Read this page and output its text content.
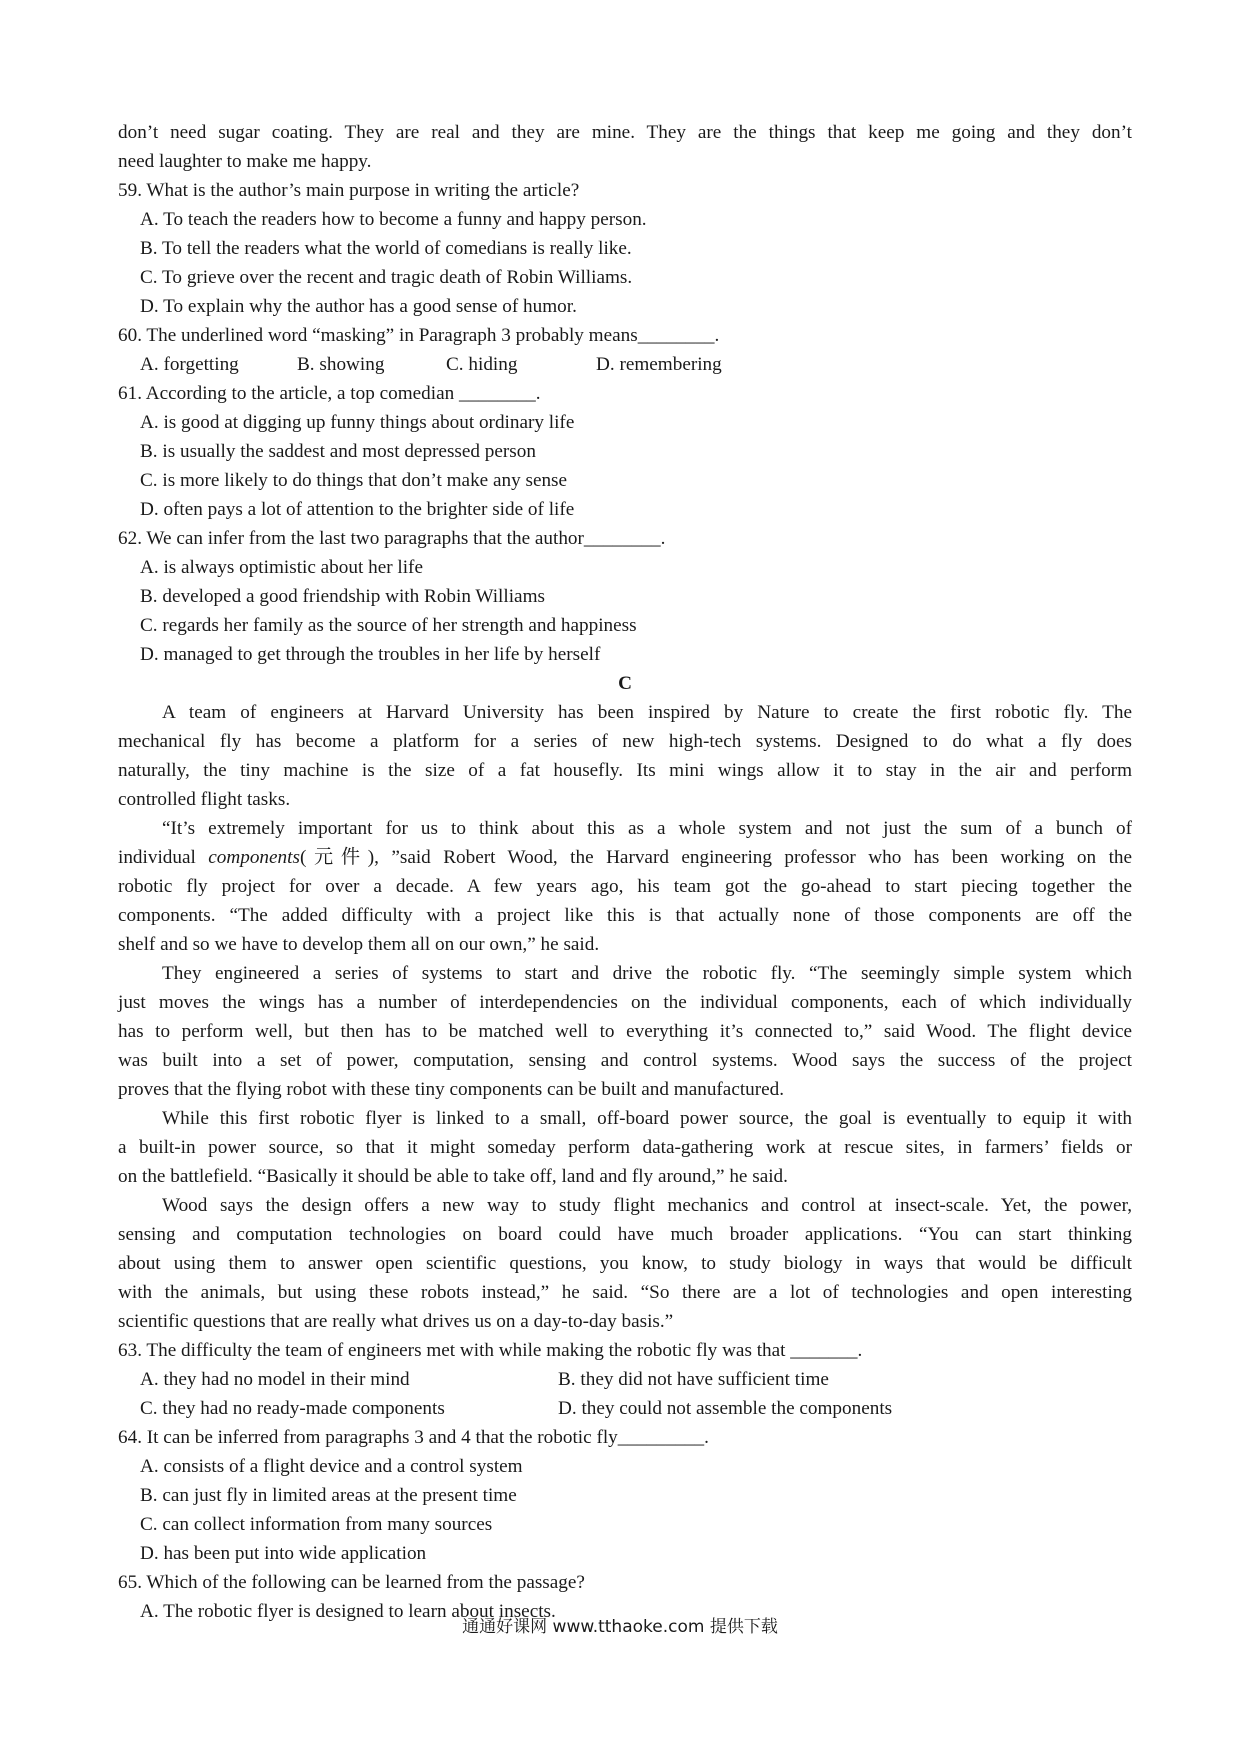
don’t need sugar coating. They are real and they are mine. They are the things that keep me going and they don’t
need laughter to make me happy.
59. What is the author’s main purpose in writing the article?
A. To teach the readers how to become a funny and happy person.
B. To tell the readers what the world of comedians is really like.
C. To grieve over the recent and tragic death of Robin Williams.
D. To explain why the author has a good sense of humor.
60. The underlined word “masking” in Paragraph 3 probably means________.
A. forgetting	B. showing	C. hiding	D. remembering
61. According to the article, a top comedian ________.
A. is good at digging up funny things about ordinary life
B. is usually the saddest and most depressed person
C. is more likely to do things that don’t make any sense
D. often pays a lot of attention to the brighter side of life
62. We can infer from the last two paragraphs that the author________.
A. is always optimistic about her life
B. developed a good friendship with Robin Williams
C. regards her family as the source of her strength and happiness
D. managed to get through the troubles in her life by herself
C
A team of engineers at Harvard University has been inspired by Nature to create the first robotic fly. The
mechanical fly has become a platform for a series of new high-tech systems. Designed to do what a fly does
naturally, the tiny machine is the size of a fat housefly. Its mini wings allow it to stay in the air and perform
controlled flight tasks.
“It’s extremely important for us to think about this as a whole system and not just the sum of a bunch of
individual components(元件), ”said Robert Wood, the Harvard engineering professor who has been working on the
robotic fly project for over a decade. A few years ago, his team got the go-ahead to start piecing together the
components. “The added difficulty with a project like this is that actually none of those components are off the
shelf and so we have to develop them all on our own,” he said.
They engineered a series of systems to start and drive the robotic fly. “The seemingly simple system which
just moves the wings has a number of interdependencies on the individual components, each of which individually
has to perform well, but then has to be matched well to everything it’s connected to,” said Wood. The flight device
was built into a set of power, computation, sensing and control systems. Wood says the success of the project
proves that the flying robot with these tiny components can be built and manufactured.
While this first robotic flyer is linked to a small, off-board power source, the goal is eventually to equip it with
a built-in power source, so that it might someday perform data-gathering work at rescue sites, in farmers’ fields or
on the battlefield. “Basically it should be able to take off, land and fly around,” he said.
Wood says the design offers a new way to study flight mechanics and control at insect-scale. Yet, the power,
sensing and computation technologies on board could have much broader applications. “You can start thinking
about using them to answer open scientific questions, you know, to study biology in ways that would be difficult
with the animals, but using these robots instead,” he said. “So there are a lot of technologies and open interesting
scientific questions that are really what drives us on a day-to-day basis.”
63. The difficulty the team of engineers met with while making the robotic fly was that _______.
A. they had no model in their mind	B. they did not have sufficient time
C. they had no ready-made components	D. they could not assemble the components
64. It can be inferred from paragraphs 3 and 4 that the robotic fly_________.
A. consists of a flight device and a control system
B. can just fly in limited areas at the present time
C. can collect information from many sources
D. has been put into wide application
65. Which of the following can be learned from the passage?
A. The robotic flyer is designed to learn about insects.
通通好课网 www.tthaoke.com 提供下载
